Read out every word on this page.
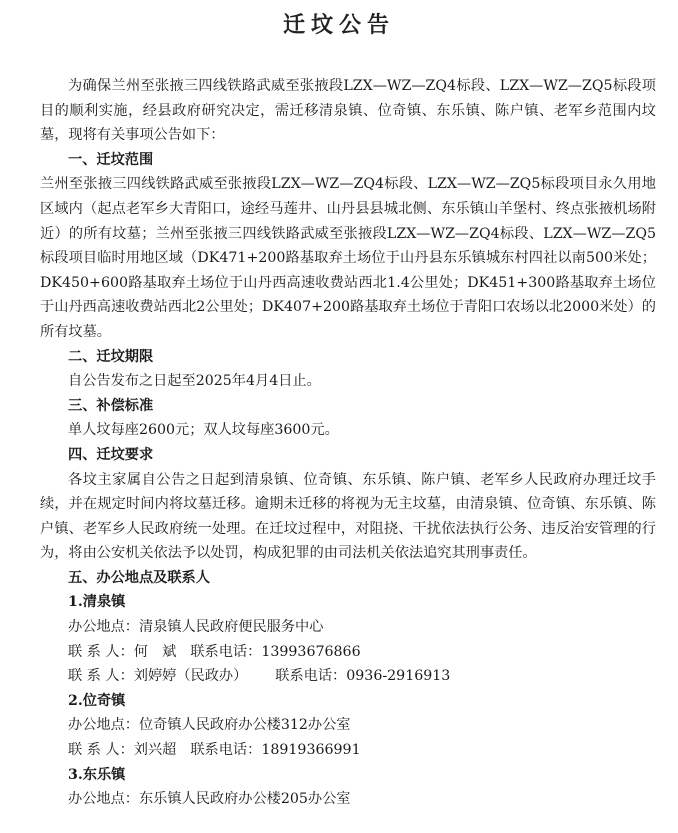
迁坟公告

为确保兰州至张掖三四线铁路武威至张掖段LZX—WZ—ZQ4标段、LZX—WZ—ZQ5标段项目的顺利实施，经县政府研究决定，需迁移清泉镇、位奇镇、东乐镇、陈户镇、老军乡范围内坟墓，现将有关事项公告如下：

一、迁坟范围

兰州至张掖三四线铁路武威至张掖段LZX—WZ—ZQ4标段、LZX—WZ—ZQ5标段项目永久用地区域内（起点老军乡大青阳口，途经马莲井、山丹县县城北侧、东乐镇山羊堡村、终点张掖机场附近）的所有坟墓；兰州至张掖三四线铁路武威至张掖段LZX—WZ—ZQ4标段、LZX—WZ—ZQ5标段项目临时用地区域（DK471+200路基取弃土场位于山丹县东乐镇城东村四社以南500米处；DK450+600路基取弃土场位于山丹西高速收费站西北1.4公里处；DK451+300路基取弃土场位于山丹西高速收费站西北2公里处；DK407+200路基取弃土场位于青阳口农场以北2000米处）的所有坟墓。

二、迁坟期限

自公告发布之日起至2025年4月4日止。

三、补偿标准

单人坟每座2600元；双人坟每座3600元。

四、迁坟要求

各坟主家属自公告之日起到清泉镇、位奇镇、东乐镇、陈户镇、老军乡人民政府办理迁坟手续，并在规定时间内将坟墓迁移。逾期未迁移的将视为无主坟墓，由清泉镇、位奇镇、东乐镇、陈户镇、老军乡人民政府统一处理。在迁坟过程中，对阻挠、干扰依法执行公务、违反治安管理的行为，将由公安机关依法予以处罚，构成犯罪的由司法机关依法追究其刑事责任。

五、办公地点及联系人

1.清泉镇

办公地点：清泉镇人民政府便民服务中心

联 系 人：何　斌 联系电话：13993676866

联 系 人：刘婷婷（民政办） 联系电话：0936-2916913

2.位奇镇

办公地点：位奇镇人民政府办公楼312办公室

联 系 人：刘兴超 联系电话：18919366991

3.东乐镇

办公地点：东乐镇人民政府办公楼205办公室
